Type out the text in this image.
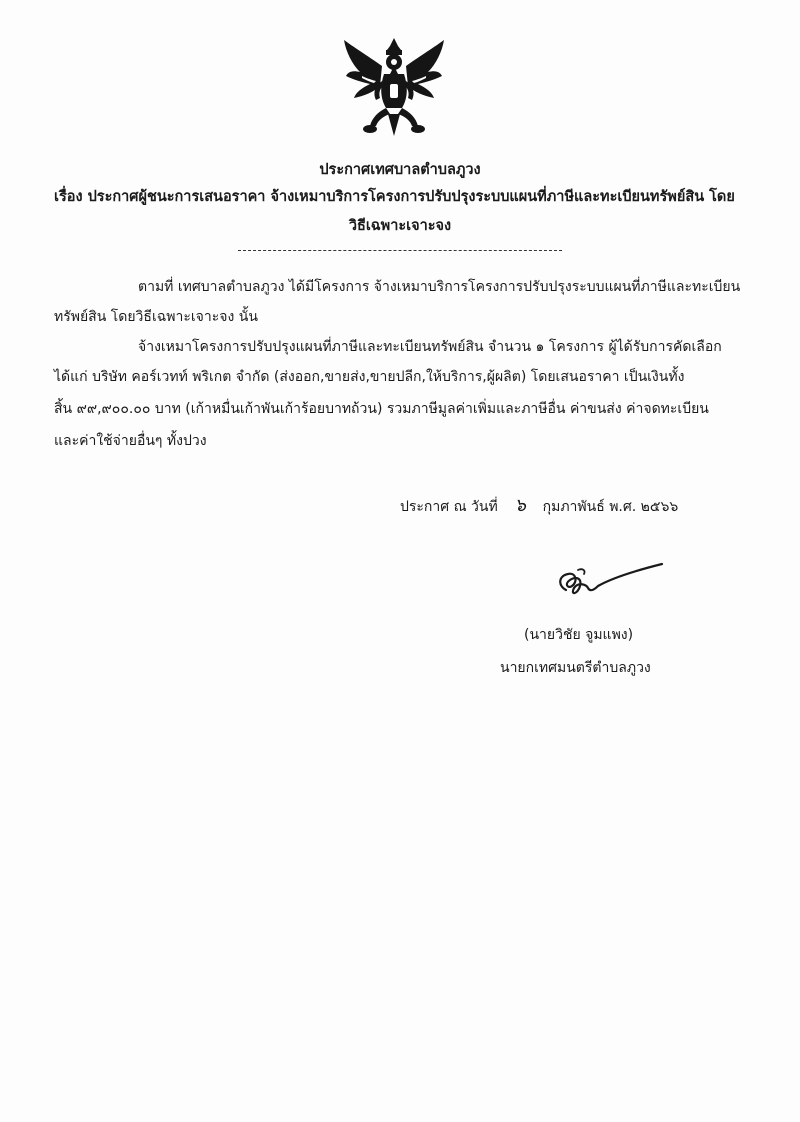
ประกาศเทศบาลตำบลภูวง
เรื่อง ประกาศผู้ชนะการเสนอราคา จ้างเหมาบริการโครงการปรับปรุงระบบแผนที่ภาษีและทะเบียนทรัพย์สิน โดย
วิธีเฉพาะเจาะจง
ตามที่ เทศบาลตำบลภูวง ได้มีโครงการ จ้างเหมาบริการโครงการปรับปรุงระบบแผนที่ภาษีและทะเบียน
ทรัพย์สิน โดยวิธีเฉพาะเจาะจง นั้น
จ้างเหมาโครงการปรับปรุงแผนที่ภาษีและทะเบียนทรัพย์สิน จำนวน ๑ โครงการ ผู้ได้รับการคัดเลือก
ได้แก่ บริษัท คอร์เวทท์ พริเกต จำกัด (ส่งออก,ขายส่ง,ขายปลีก,ให้บริการ,ผู้ผลิต) โดยเสนอราคา เป็นเงินทั้ง
สิ้น ๙๙,๙๐๐.๐๐ บาท (เก้าหมื่นเก้าพันเก้าร้อยบาทถ้วน) รวมภาษีมูลค่าเพิ่มและภาษีอื่น ค่าขนส่ง ค่าจดทะเบียน
และค่าใช้จ่ายอื่นๆ ทั้งปวง
ประกาศ ณ วันที่ ๖ กุมภาพันธ์ พ.ศ. ๒๕๖๖
(นายวิชัย จูมแพง)
นายกเทศมนตรีตำบลภูวง
